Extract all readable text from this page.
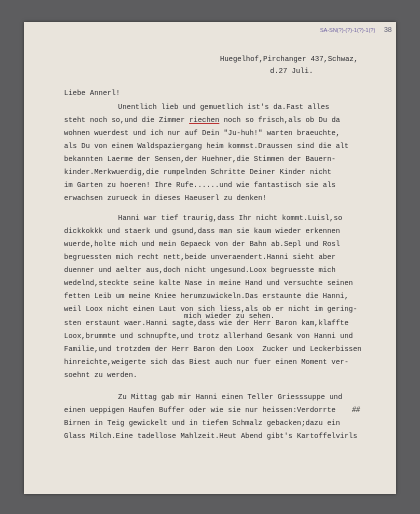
SA-SN(?)-(?)-1(?)-1(?) 38
Huegelhof,Pirchanger 437,Schwaz,
d.27 Juli.
Liebe Annerl!
Unentlich lieb und gemuetlich ist's da.Fast alles
steht noch so,und die Zimmer riechen noch so frisch,als ob Du da
wohnen wuerdest und ich nur auf Dein "Ju-huh!" warten braeuchte,
als Du von einem Waldspaziergang heim kommst.Draussen sind die alt
bekannten Laerme der Sensen,der Huehner,die Stimmen der Bauern-
kinder.Merkwuerdig,die rumpelnden Schritte Deiner Kinder nicht
im Garten zu hoeren! Ihre Rufe......und wie fantastisch sie als
erwachsen zurueck in dieses Haeuserl zu denken!
Hanni war tief traurig,dass Ihr nicht kommt.Luisl,so
dickkokkk und staerk und gsund,dass man sie kaum wieder erkennen
wuerde,holte mich und mein Gepaeck von der Bahn ab.Sepl und Rosl
begruessten mich recht nett,beide unveraendert.Hanni sieht aber
duenner und aelter aus,doch nicht ungesund.Loox begruesste mich
wedelnd,steckte seine kalte Nase in meine Hand und versuchte seinen
fetten Leib um meine Kniee herumzuwickeln.Das erstaunte die Hanni,
weil Loox nicht einen Laut von sich liess,als ob er nicht im gering-
mich wieder zu sehen.
sten erstaunt waer.Hanni sagte,dass wie der Herr Baron kam,klaffte
Loox,brummte und schnupfte,und trotz allerhand Gesank von Hanni und
Familie,und trotzdem der Herr Baron den Loox  Zucker und Leckerbissen
hinreichte,weigerte sich das Biest auch nur fuer einen Moment ver-
soehnt zu werden.
Zu Mittag gab mir Hanni einen Teller Griesssuppe und
einen ueppigen Haufen Buffer oder wie sie nur heissen:Verdorrte ##
Birnen in Teig gewickelt und in tiefem Schmalz gebacken;dazu ein
Glass Milch.Eine tadellose Mahlzeit.Heut Abend gibt's Kartoffelvirls
